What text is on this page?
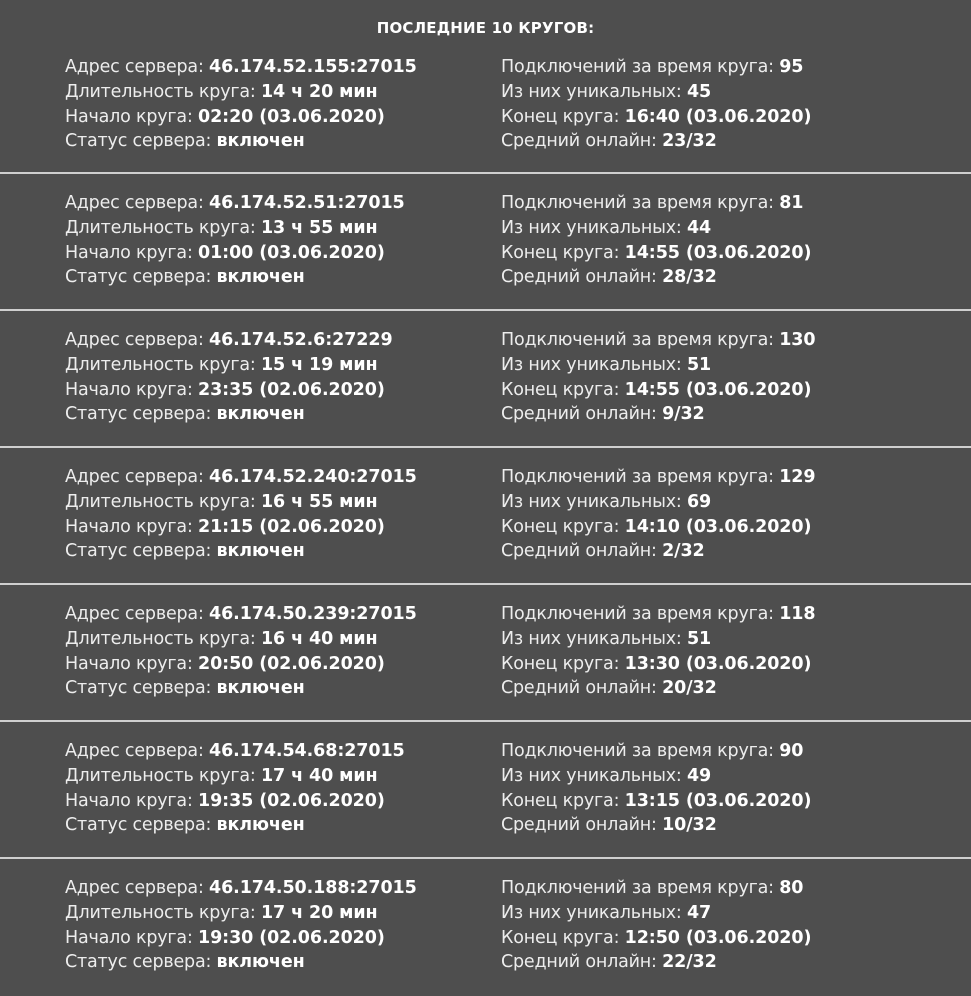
ПОСЛЕДНИЕ 10 КРУГОВ:
Адрес сервера: 46.174.52.155:27015
Длительность круга: 14 ч 20 мин
Начало круга: 02:20 (03.06.2020)
Статус сервера: включен
Подключений за время круга: 95
Из них уникальных: 45
Конец круга: 16:40 (03.06.2020)
Средний онлайн: 23/32
Адрес сервера: 46.174.52.51:27015
Длительность круга: 13 ч 55 мин
Начало круга: 01:00 (03.06.2020)
Статус сервера: включен
Подключений за время круга: 81
Из них уникальных: 44
Конец круга: 14:55 (03.06.2020)
Средний онлайн: 28/32
Адрес сервера: 46.174.52.6:27229
Длительность круга: 15 ч 19 мин
Начало круга: 23:35 (02.06.2020)
Статус сервера: включен
Подключений за время круга: 130
Из них уникальных: 51
Конец круга: 14:55 (03.06.2020)
Средний онлайн: 9/32
Адрес сервера: 46.174.52.240:27015
Длительность круга: 16 ч 55 мин
Начало круга: 21:15 (02.06.2020)
Статус сервера: включен
Подключений за время круга: 129
Из них уникальных: 69
Конец круга: 14:10 (03.06.2020)
Средний онлайн: 2/32
Адрес сервера: 46.174.50.239:27015
Длительность круга: 16 ч 40 мин
Начало круга: 20:50 (02.06.2020)
Статус сервера: включен
Подключений за время круга: 118
Из них уникальных: 51
Конец круга: 13:30 (03.06.2020)
Средний онлайн: 20/32
Адрес сервера: 46.174.54.68:27015
Длительность круга: 17 ч 40 мин
Начало круга: 19:35 (02.06.2020)
Статус сервера: включен
Подключений за время круга: 90
Из них уникальных: 49
Конец круга: 13:15 (03.06.2020)
Средний онлайн: 10/32
Адрес сервера: 46.174.50.188:27015
Длительность круга: 17 ч 20 мин
Начало круга: 19:30 (02.06.2020)
Статус сервера: включен
Подключений за время круга: 80
Из них уникальных: 47
Конец круга: 12:50 (03.06.2020)
Средний онлайн: 22/32
